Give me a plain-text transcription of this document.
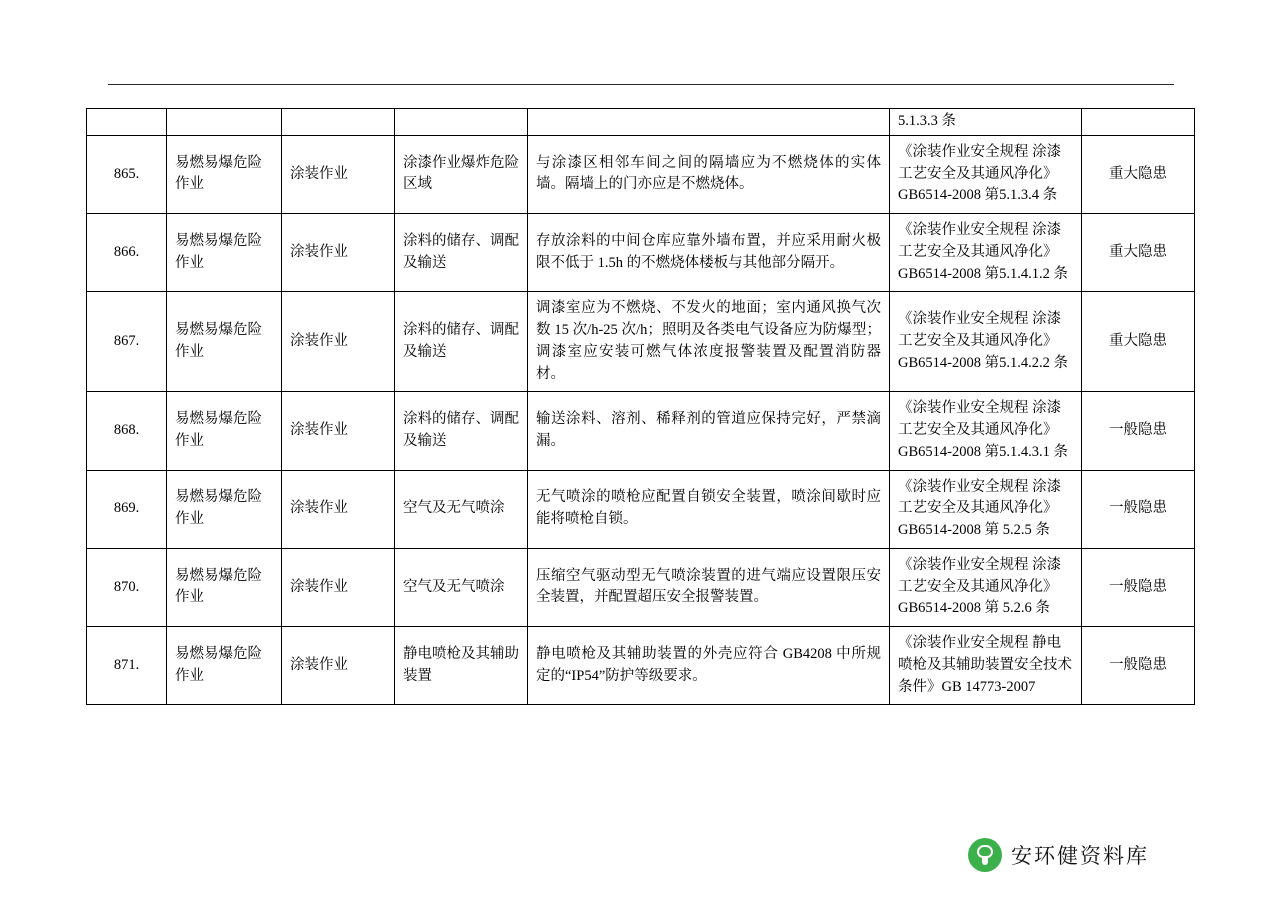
					5.1.3.3 条	
865.	易燃易爆危险作业	涂装作业	涂漆作业爆炸危险区域	与涂漆区相邻车间之间的隔墙应为不燃烧体的实体墙。隔墙上的门亦应是不燃烧体。	《涂装作业安全规程 涂漆工艺安全及其通风净化》GB6514-2008 第5.1.3.4 条	重大隐患
866.	易燃易爆危险作业	涂装作业	涂料的储存、调配及输送	存放涂料的中间仓库应靠外墙布置，并应采用耐火极限不低于 1.5h 的不燃烧体楼板与其他部分隔开。	《涂装作业安全规程 涂漆工艺安全及其通风净化》GB6514-2008 第5.1.4.1.2 条	重大隐患
867.	易燃易爆危险作业	涂装作业	涂料的储存、调配及输送	调漆室应为不燃烧、不发火的地面；室内通风换气次数 15 次/h-25 次/h；照明及各类电气设备应为防爆型；调漆室应安装可燃气体浓度报警装置及配置消防器材。	《涂装作业安全规程 涂漆工艺安全及其通风净化》GB6514-2008 第5.1.4.2.2 条	重大隐患
868.	易燃易爆危险作业	涂装作业	涂料的储存、调配及输送	输送涂料、溶剂、稀释剂的管道应保持完好，严禁滴漏。	《涂装作业安全规程 涂漆工艺安全及其通风净化》GB6514-2008 第5.1.4.3.1 条	一般隐患
869.	易燃易爆危险作业	涂装作业	空气及无气喷涂	无气喷涂的喷枪应配置自锁安全装置，喷涂间歇时应能将喷枪自锁。	《涂装作业安全规程 涂漆工艺安全及其通风净化》GB6514-2008 第 5.2.5 条	一般隐患
870.	易燃易爆危险作业	涂装作业	空气及无气喷涂	压缩空气驱动型无气喷涂装置的进气端应设置限压安全装置，并配置超压安全报警装置。	《涂装作业安全规程 涂漆工艺安全及其通风净化》GB6514-2008 第 5.2.6 条	一般隐患
871.	易燃易爆危险作业	涂装作业	静电喷枪及其辅助装置	静电喷枪及其辅助装置的外壳应符合 GB4208 中所规定的“IP54”防护等级要求。	《涂装作业安全规程 静电喷枪及其辅助装置安全技术条件》GB 14773-2007	一般隐患
安环健资料库
